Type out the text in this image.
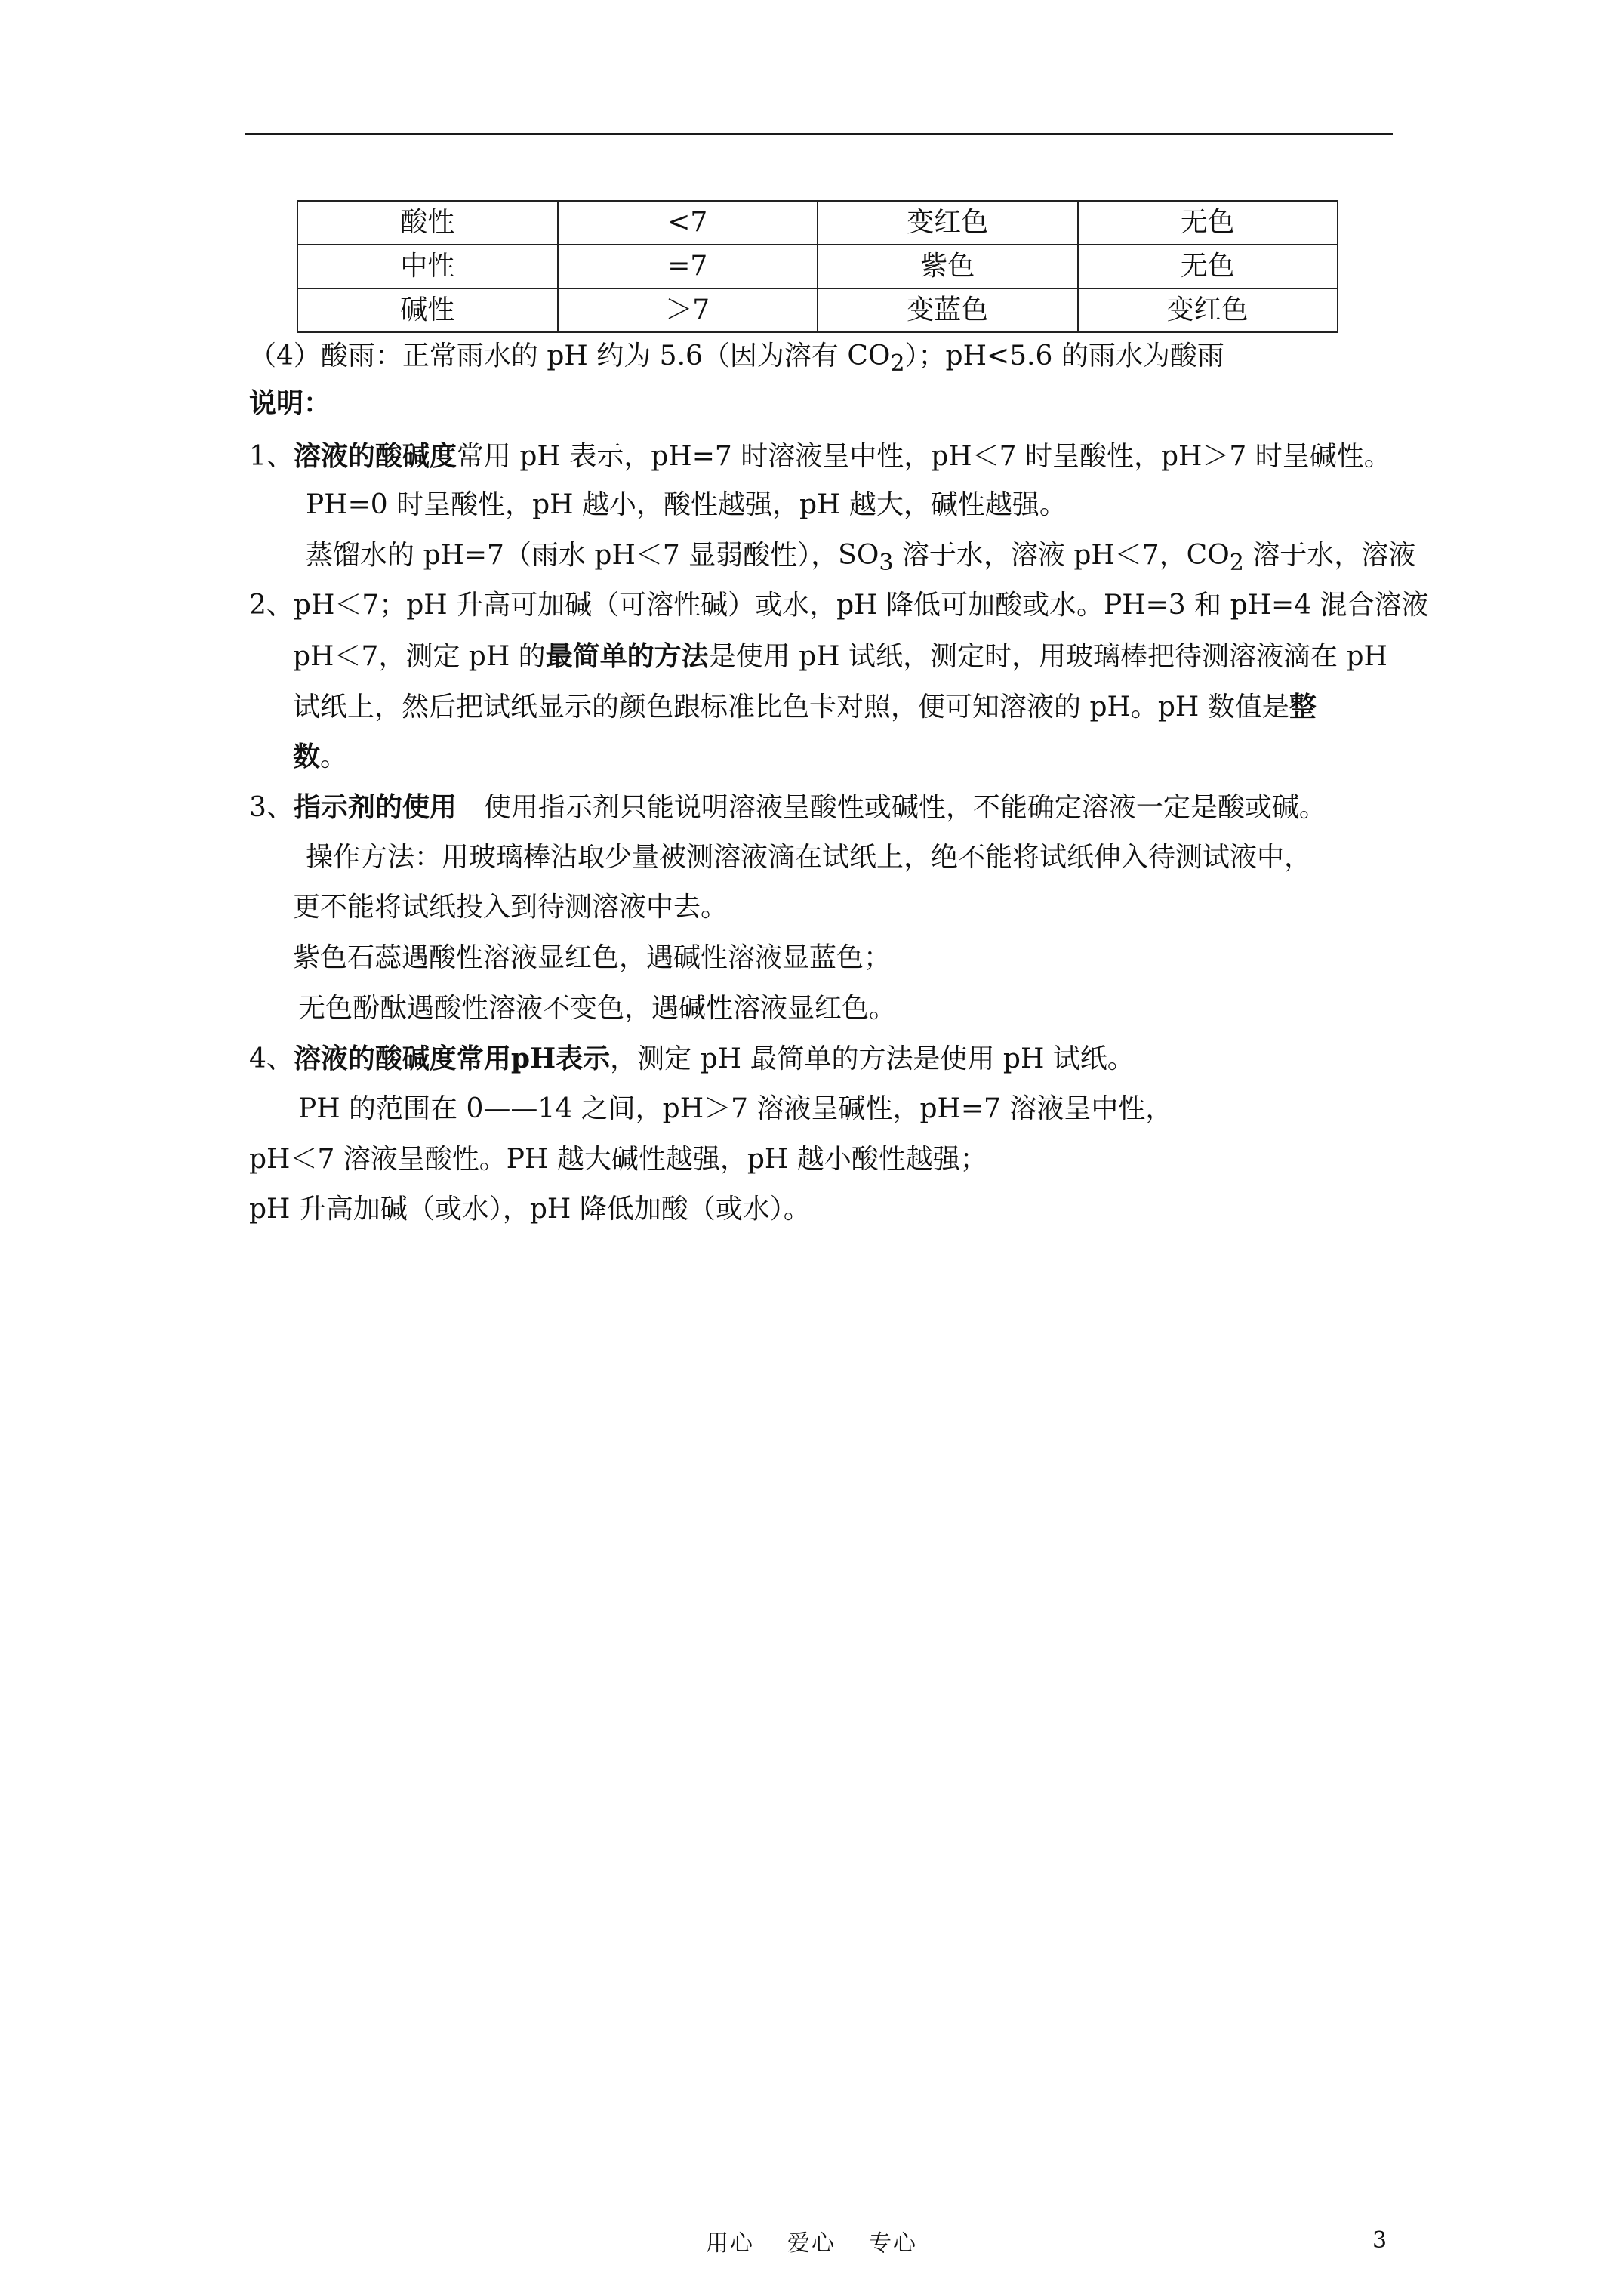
酸性	<7	变红色	无色
中性	=7	紫色	无色
碱性	＞7	变蓝色	变红色
（4）酸雨：正常雨水的 pH 约为 5.6（因为溶有 $CO_2$）；pH<5.6 的雨水为酸雨
说明：
1、溶液的酸碱度常用 pH 表示，pH=7 时溶液呈中性，pH＜7 时呈酸性，pH＞7 时呈碱性。
PH=0 时呈酸性，pH 越小，酸性越强，pH 越大，碱性越强。
蒸馏水的 pH=7（雨水 pH＜7 显弱酸性），$SO_3$ 溶于水，溶液 pH＜7，$CO_2$ 溶于水，溶液
2、pH＜7；pH 升高可加碱（可溶性碱）或水，pH 降低可加酸或水。PH=3 和 pH=4 混合溶液
pH＜7，测定 pH 的最简单的方法是使用 pH 试纸，测定时，用玻璃棒把待测溶液滴在 pH
试纸上，然后把试纸显示的颜色跟标准比色卡对照，便可知溶液的 pH。pH 数值是整
数。
3、指示剂的使用　使用指示剂只能说明溶液呈酸性或碱性，不能确定溶液一定是酸或碱。
操作方法：用玻璃棒沾取少量被测溶液滴在试纸上，绝不能将试纸伸入待测试液中，
更不能将试纸投入到待测溶液中去。
紫色石蕊遇酸性溶液显红色，遇碱性溶液显蓝色；
无色酚酞遇酸性溶液不变色，遇碱性溶液显红色。
4、溶液的酸碱度常用pH表示，测定 pH 最简单的方法是使用 pH 试纸。
PH 的范围在 0——14 之间，pH＞7 溶液呈碱性，pH=7 溶液呈中性，
pH＜7 溶液呈酸性。PH 越大碱性越强，pH 越小酸性越强；
pH 升高加碱（或水），pH 降低加酸（或水）。
用心 爱心 专心	3
